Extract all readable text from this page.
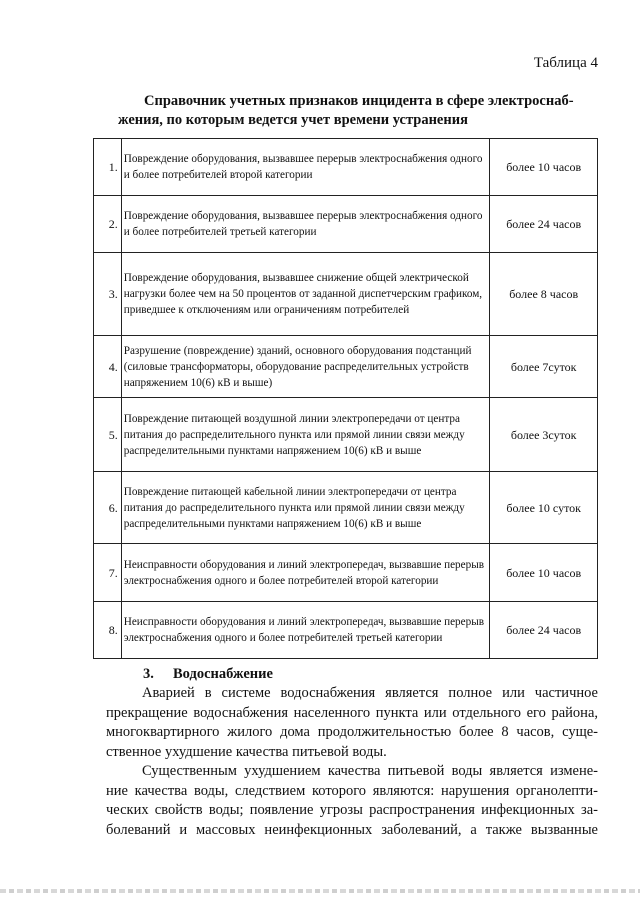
Таблица 4
Справочник учетных признаков инцидента в сфере электроснаб-жения, по которым ведется учет времени устранения
1.	Повреждение оборудования, вызвавшее перерыв электроснабжения одного и более потребителей второй категории	более 10 часов
2.	Повреждение оборудования, вызвавшее перерыв электроснабжения одного и более потребителей третьей категории	более 24 часов
3.	Повреждение оборудования, вызвавшее снижение общей электрической нагрузки более чем на 50 процентов от заданной диспетчерским графиком, приведшее к отключениям или ограничениям потребителей	более 8 часов
4.	Разрушение (повреждение) зданий, основного оборудования подстанций (силовые трансформаторы, оборудование распределительных устройств напряжением 10(6) кВ и выше)	более 7суток
5.	Повреждение питающей воздушной линии электропередачи от центра питания до распределительного пункта или прямой линии связи между распределительными пунктами напряжением 10(6) кВ и выше	более 3суток
6.	Повреждение питающей кабельной линии электропередачи от центра питания до распределительного пункта или прямой линии связи между распределительными пунктами напряжением 10(6) кВ и выше	более 10 суток
7.	Неисправности оборудования и линий электропередач, вызвавшие перерыв электроснабжения одного и более потребителей второй категории	более 10 часов
8.	Неисправности оборудования и линий электропередач, вызвавшие перерыв электроснабжения одного и более потребителей третьей категории	более 24 часов
3. Водоснабжение
Аварией в системе водоснабжения является полное или частичное
прекращение водоснабжения населенного пункта или отдельного его района,
многоквартирного жилого дома продолжительностью более 8 часов, суще-
ственное ухудшение качества питьевой воды.
Существенным ухудшением качества питьевой воды является измене-
ние качества воды, следствием которого являются: нарушения органолепти-
ческих свойств воды; появление угрозы распространения инфекционных за-
болеваний и массовых неинфекционных заболеваний, а также вызванные
